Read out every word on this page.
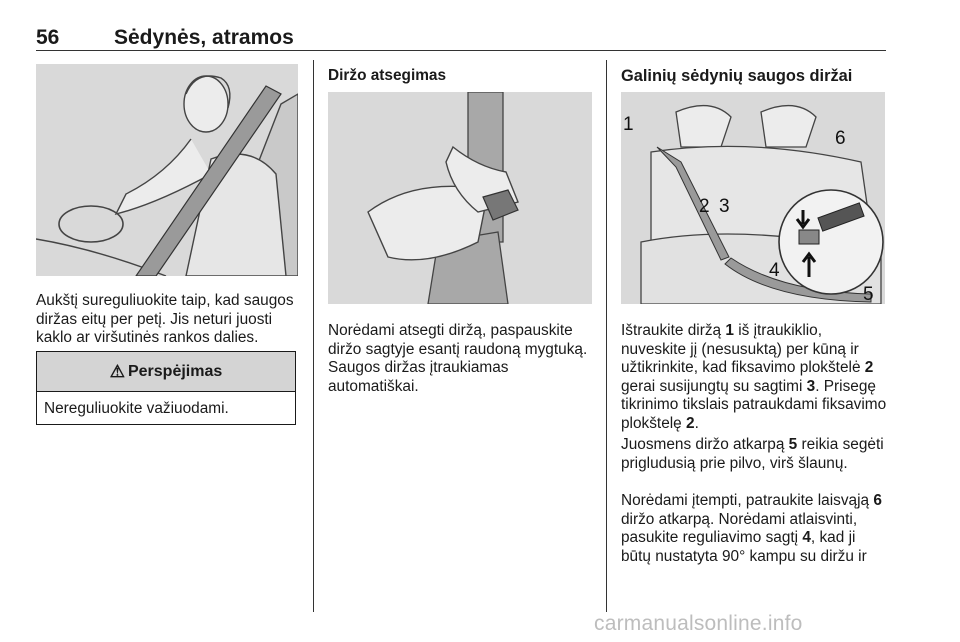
56	Sėdynės, atramos

Aukštį sureguliuokite taip, kad saugos diržas eitų per petį. Jis neturi juosti kaklo ar viršutinės rankos dalies.

⚠ Perspėjimas
Nereguliuokite važiuodami.

Diržo atsegimas

Norėdami atsegti diržą, paspauskite diržo sagtyje esantį raudoną mygtuką. Saugos diržas įtraukiamas automatiškai.

Galinių sėdynių saugos diržai

1
2 3
4
5
6

Ištraukite diržą 1 iš įtraukiklio, nuveskite jį (nesusuktą) per kūną ir užtikrinkite, kad fiksavimo plokštelė 2 gerai susijungtų su sagtimi 3. Prisegę tikrinimo tikslais patraukdami fiksavimo plokštelę 2.

Juosmens diržo atkarpą 5 reikia segėti prigludusią prie pilvo, virš šlaunų.

Norėdami įtempti, patraukite laisvąją 6 diržo atkarpą. Norėdami atlaisvinti, pasukite reguliavimo sagtį 4, kad ji būtų nustatyta 90° kampu su diržu ir

carmanualsonline.info
